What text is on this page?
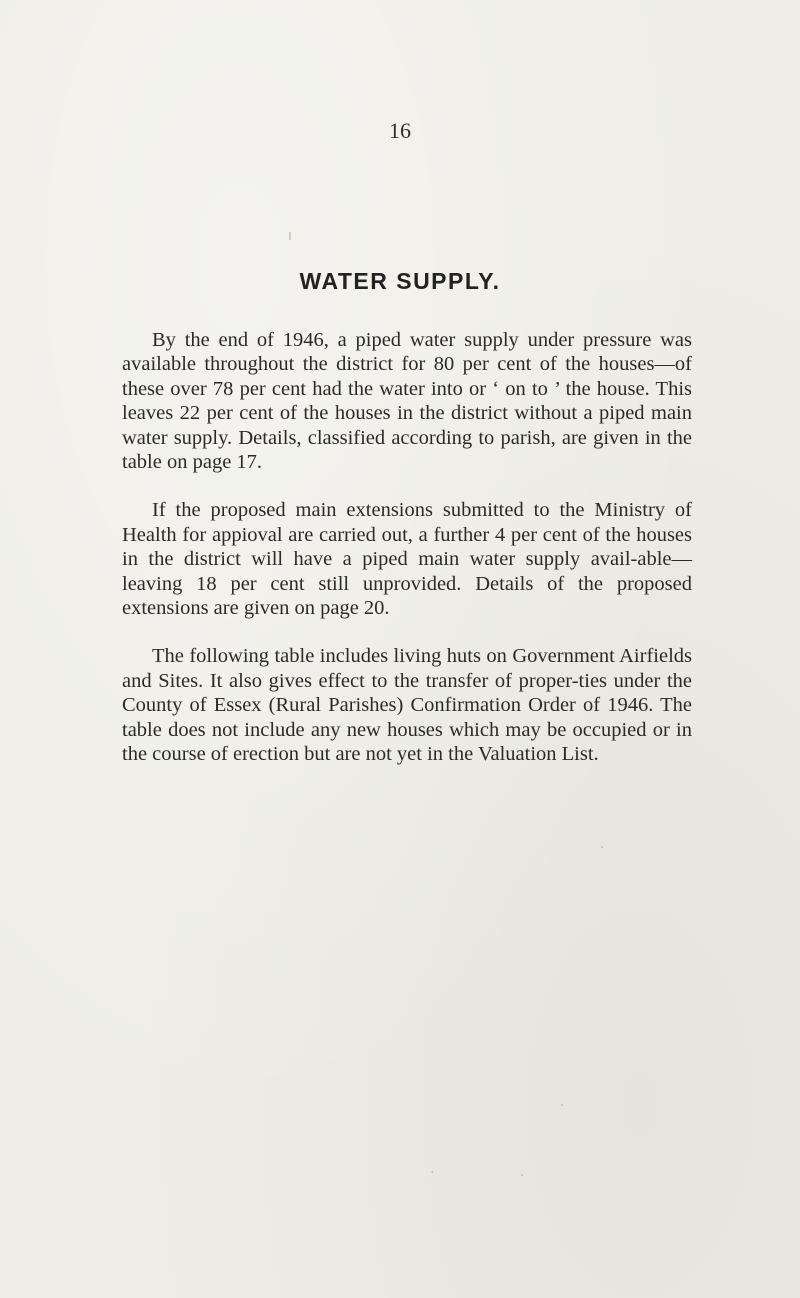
16
WATER SUPPLY.

By the end of 1946, a piped water supply under pressure was available throughout the district for 80 per cent of the houses—of these over 78 per cent had the water into or ‘ on to ’ the house. This leaves 22 per cent of the houses in the district without a piped main water supply. Details, classified according to parish, are given in the table on page 17.

If the proposed main extensions submitted to the Ministry of Health for appioval are carried out, a further 4 per cent of the houses in the district will have a piped main water supply avail-able—leaving 18 per cent still unprovided. Details of the proposed extensions are given on page 20.

The following table includes living huts on Government Airfields and Sites. It also gives effect to the transfer of proper-ties under the County of Essex (Rural Parishes) Confirmation Order of 1946. The table does not include any new houses which may be occupied or in the course of erection but are not yet in the Valuation List.

ı
·
·
·	·
